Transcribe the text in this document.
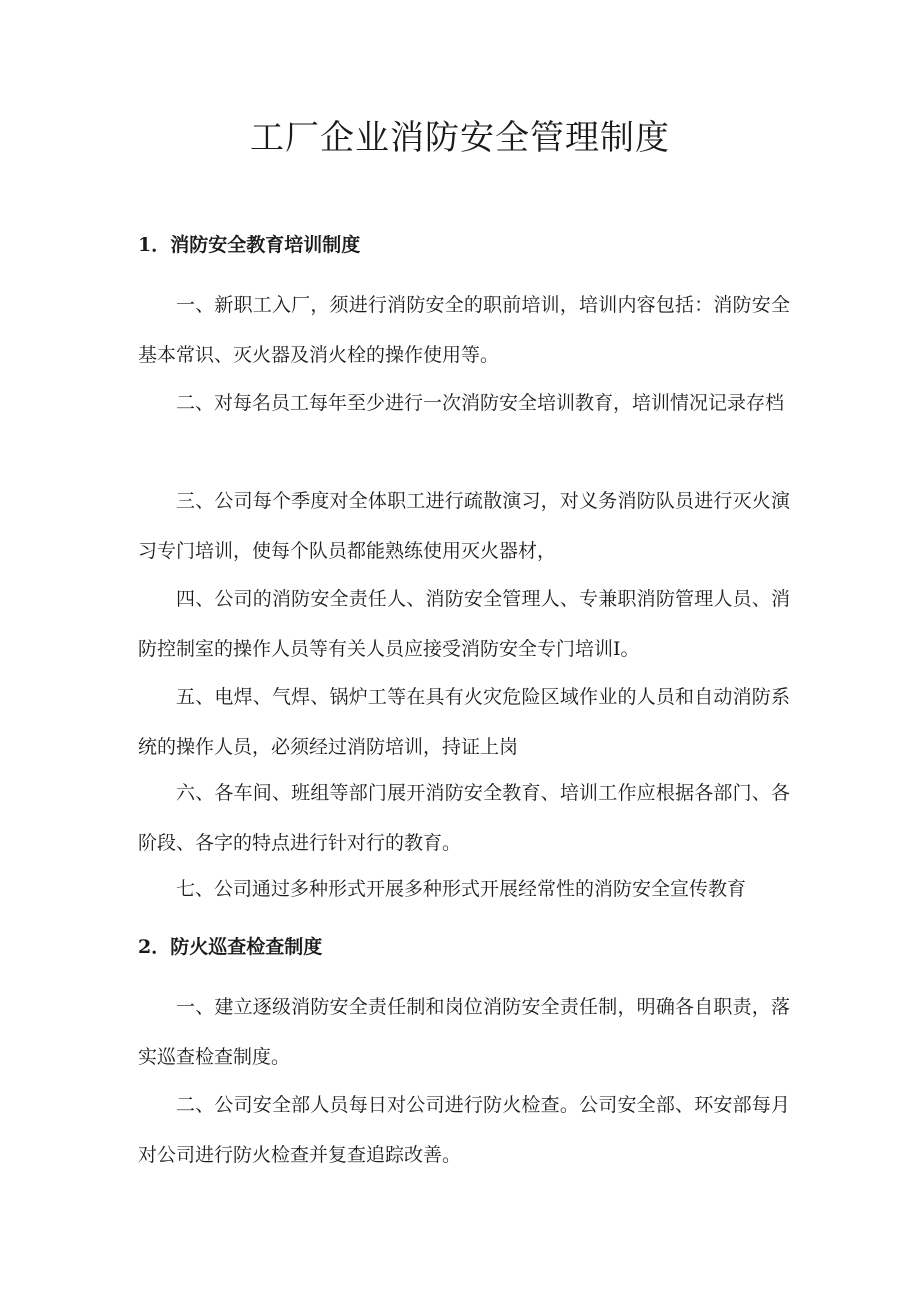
工厂企业消防安全管理制度
1．消防安全教育培训制度

一、新职工入厂，须进行消防安全的职前培训，培训内容包括：消防安全基本常识、灭火器及消火栓的操作使用等。

二、对每名员工每年至少进行一次消防安全培训教育，培训情况记录存档

三、公司每个季度对全体职工进行疏散演习，对义务消防队员进行灭火演习专门培训，使每个队员都能熟练使用灭火器材，

四、公司的消防安全责任人、消防安全管理人、专兼职消防管理人员、消防控制室的操作人员等有关人员应接受消防安全专门培训I。

五、电焊、气焊、锅炉工等在具有火灾危险区域作业的人员和自动消防系统的操作人员，必须经过消防培训，持证上岗

六、各车间、班组等部门展开消防安全教育、培训工作应根据各部门、各阶段、各字的特点进行针对行的教育。

七、公司通过多种形式开展多种形式开展经常性的消防安全宣传教育

2．防火巡查检查制度

一、建立逐级消防安全责任制和岗位消防安全责任制，明确各自职责，落实巡查检查制度。

二、公司安全部人员每日对公司进行防火检查。公司安全部、环安部每月对公司进行防火检查并复查追踪改善。
